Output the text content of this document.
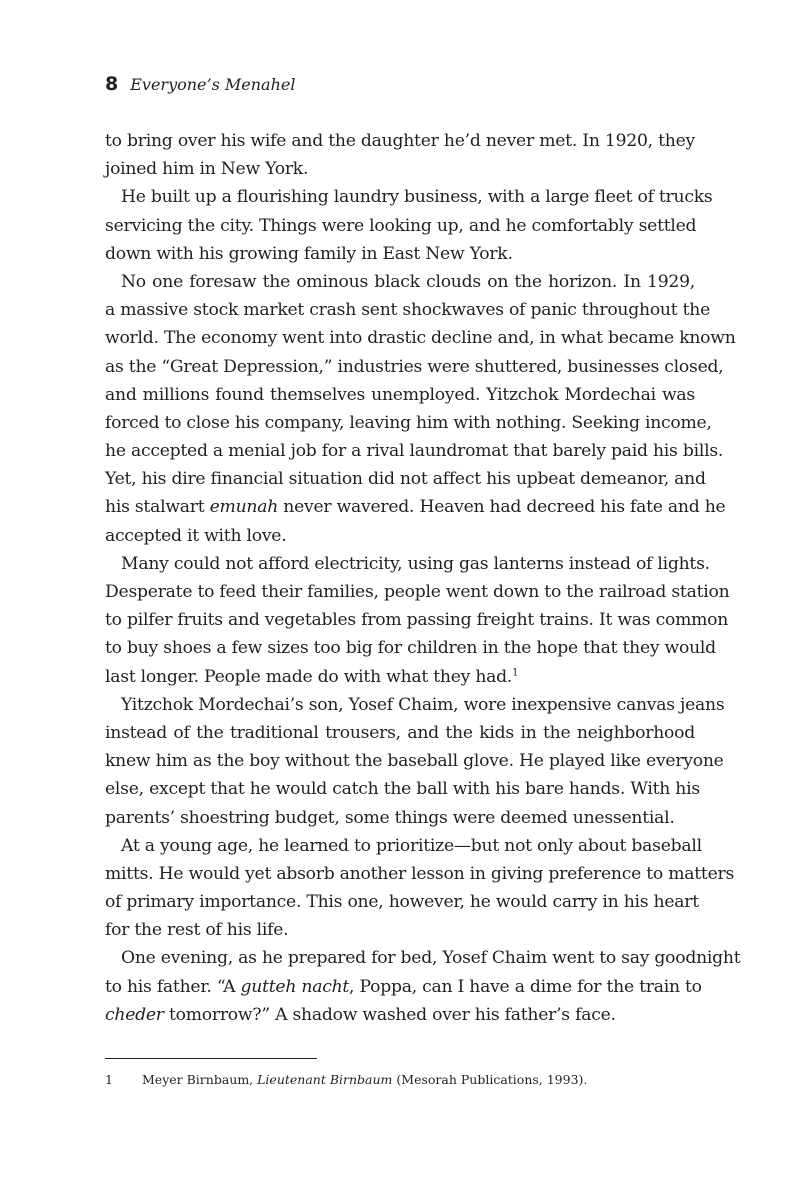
8 Everyone’s Menahel
to bring over his wife and the daughter he’d never met. In 1920, they
joined him in New York.
He built up a flourishing laundry business, with a large fleet of trucks
servicing the city. Things were looking up, and he comfortably settled
down with his growing family in East New York.
No one foresaw the ominous black clouds on the horizon. In 1929,
a massive stock market crash sent shockwaves of panic throughout the
world. The economy went into drastic decline and, in what became known
as the “Great Depression,” industries were shuttered, businesses closed,
and millions found themselves unemployed. Yitzchok Mordechai was
forced to close his company, leaving him with nothing. Seeking income,
he accepted a menial job for a rival laundromat that barely paid his bills.
Yet, his dire financial situation did not affect his upbeat demeanor, and
his stalwart emunah never wavered. Heaven had decreed his fate and he
accepted it with love.
Many could not afford electricity, using gas lanterns instead of lights.
Desperate to feed their families, people went down to the railroad station
to pilfer fruits and vegetables from passing freight trains. It was common
to buy shoes a few sizes too big for children in the hope that they would
last longer. People made do with what they had.$^1$
Yitzchok Mordechai’s son, Yosef Chaim, wore inexpensive canvas jeans
instead of the traditional trousers, and the kids in the neighborhood
knew him as the boy without the baseball glove. He played like everyone
else, except that he would catch the ball with his bare hands. With his
parents’ shoestring budget, some things were deemed unessential.
At a young age, he learned to prioritize—but not only about baseball
mitts. He would yet absorb another lesson in giving preference to matters
of primary importance. This one, however, he would carry in his heart
for the rest of his life.
One evening, as he prepared for bed, Yosef Chaim went to say goodnight
to his father. “A gutteh nacht, Poppa, can I have a dime for the train to
cheder tomorrow?” A shadow washed over his father’s face.
1 Meyer Birnbaum, Lieutenant Birnbaum (Mesorah Publications, 1993).
